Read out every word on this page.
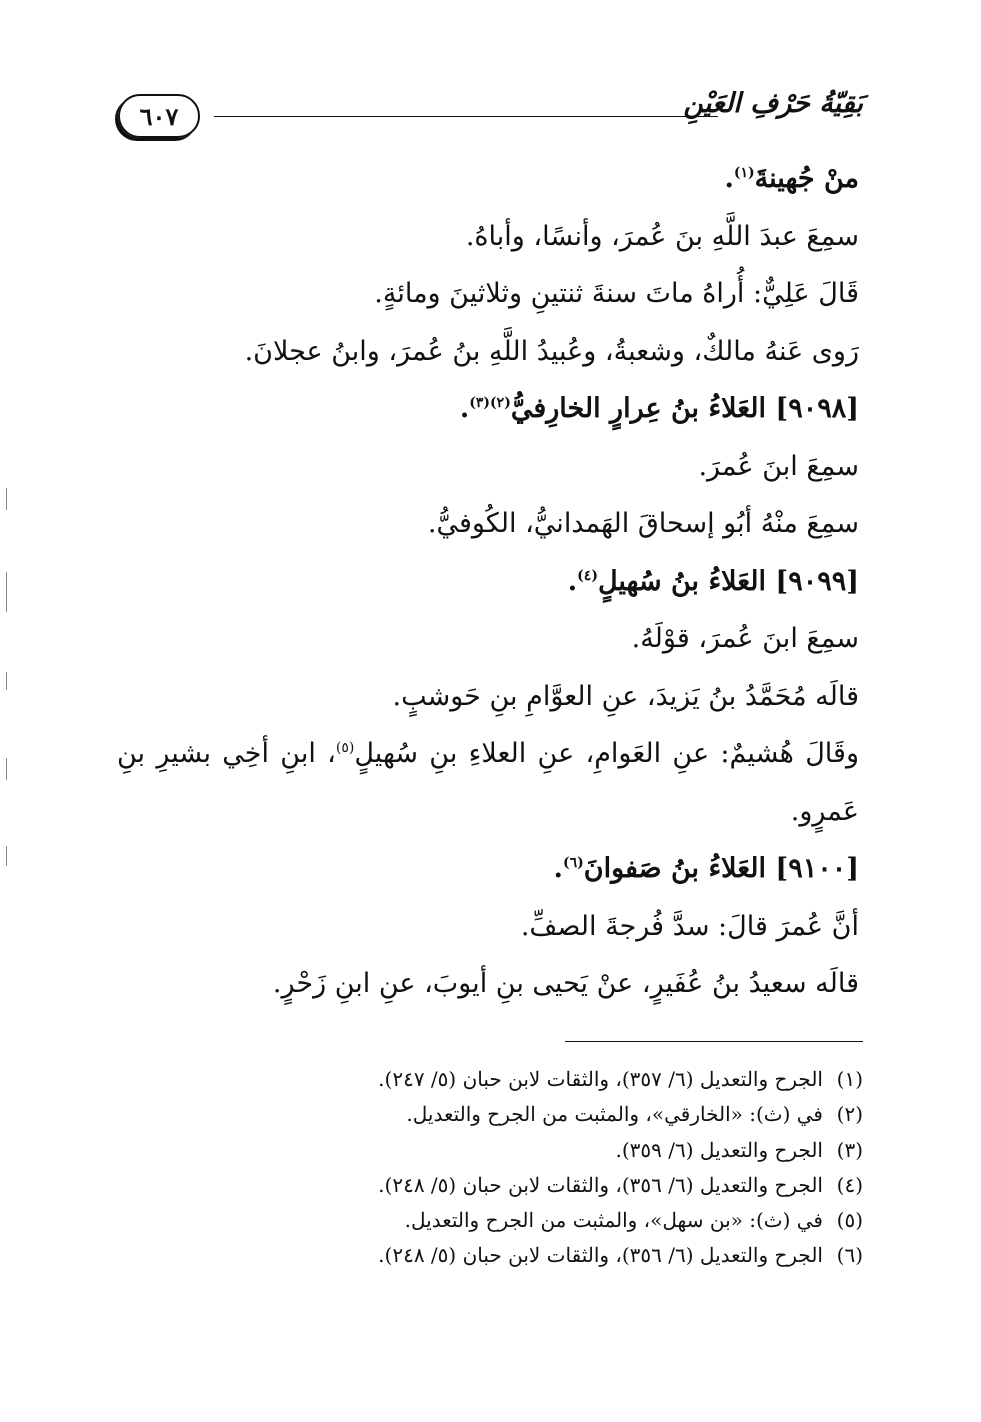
٦٠٧	بَقِيّةُ حَرْفِ العَيْنِ
منْ جُهينةَ$^{(١)}$.
سمِعَ عبدَ اللَّهِ بنَ عُمرَ، وأنسًا، وأباهُ.
قَالَ عَلِيٌّ: أُراهُ ماتَ سنةَ ثنتينِ وثلاثينَ ومائةٍ.
رَوى عَنهُ مالكٌ، وشعبةُ، وعُبيدُ اللَّهِ بنُ عُمرَ، وابنُ عجلانَ.
[٩٠٩٨] العَلاءُ بنُ عِرارٍ الخارِفيُّ$^{(٢)(٣)}$.
سمِعَ ابنَ عُمرَ.
سمِعَ منْهُ أبُو إسحاقَ الهَمدانيُّ، الكُوفيُّ.
[٩٠٩٩] العَلاءُ بنُ سُهيلٍ$^{(٤)}$.
سمِعَ ابنَ عُمرَ، قوْلَهُ.
قالَه مُحَمَّدُ بنُ يَزيدَ، عنِ العوَّامِ بنِ حَوشبٍ.
وقَالَ هُشيمٌ: عنِ العَوامِ، عنِ العلاءِ بنِ سُهيلٍ$^{(٥)}$، ابنِ أخِي بشيرِ بنِ
عَمرٍو.
[٩١٠٠] العَلاءُ بنُ صَفوانَ$^{(٦)}$.
أنَّ عُمرَ قالَ: سدَّ فُرجةَ الصفِّ.
قالَه سعيدُ بنُ عُفَيرٍ، عنْ يَحيى بنِ أيوبَ، عنِ ابنِ زَحْرٍ.
(١)الجرح والتعديل (٦/ ٣٥٧)، والثقات لابن حبان (٥/ ٢٤٧).
(٢)في (ث): «الخارقي»، والمثبت من الجرح والتعديل.
(٣)الجرح والتعديل (٦/ ٣٥٩).
(٤)الجرح والتعديل (٦/ ٣٥٦)، والثقات لابن حبان (٥/ ٢٤٨).
(٥)في (ث): «بن سهل»، والمثبت من الجرح والتعديل.
(٦)الجرح والتعديل (٦/ ٣٥٦)، والثقات لابن حبان (٥/ ٢٤٨).
